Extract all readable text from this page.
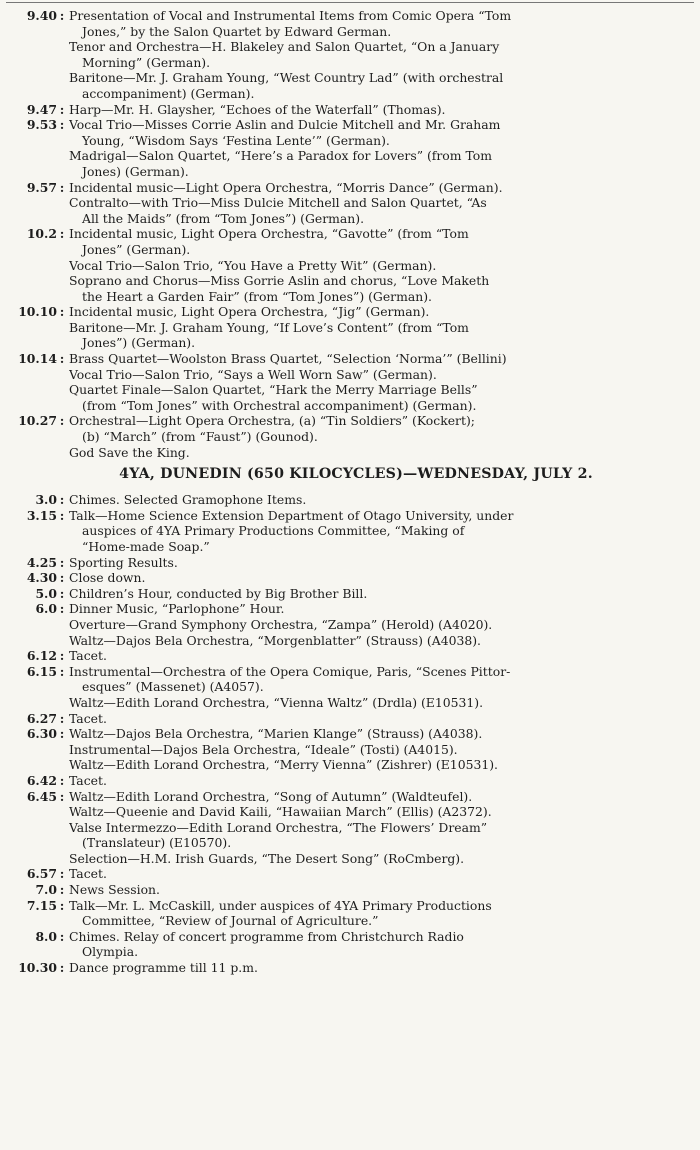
9.40 : Presentation of Vocal and Instrumental Items from Comic Opera “Tom
Jones,” by the Salon Quartet by Edward German.
Tenor and Orchestra—H. Blakeley and Salon Quartet, “On a January
Morning” (German).
Baritone—Mr. J. Graham Young, “West Country Lad” (with orchestral
accompaniment) (German).
9.47 : Harp—Mr. H. Glaysher, “Echoes of the Waterfall” (Thomas).
9.53 : Vocal Trio—Misses Corrie Aslin and Dulcie Mitchell and Mr. Graham
Young, “Wisdom Says ‘Festina Lente’” (German).
Madrigal—Salon Quartet, “Here’s a Paradox for Lovers” (from Tom
Jones) (German).
9.57 : Incidental music—Light Opera Orchestra, “Morris Dance” (German).
Contralto—with Trio—Miss Dulcie Mitchell and Salon Quartet, “As
All the Maids” (from “Tom Jones”) (German).
10.2 : Incidental music, Light Opera Orchestra, “Gavotte” (from “Tom
Jones” (German).
Vocal Trio—Salon Trio, “You Have a Pretty Wit” (German).
Soprano and Chorus—Miss Gorrie Aslin and chorus, “Love Maketh
the Heart a Garden Fair” (from “Tom Jones”) (German).
10.10 : Incidental music, Light Opera Orchestra, “Jig” (German).
Baritone—Mr. J. Graham Young, “If Love’s Content” (from “Tom
Jones”) (German).
10.14 : Brass Quartet—Woolston Brass Quartet, “Selection ‘Norma’” (Bellini)
Vocal Trio—Salon Trio, “Says a Well Worn Saw” (German).
Quartet Finale—Salon Quartet, “Hark the Merry Marriage Bells”
(from “Tom Jones” with Orchestral accompaniment) (German).
10.27 : Orchestral—Light Opera Orchestra, (a) “Tin Soldiers” (Kockert);
(b) “March” (from “Faust”) (Gounod).
God Save the King.
4YA, DUNEDIN (650 KILOCYCLES)—WEDNESDAY, JULY 2.
3.0 : Chimes. Selected Gramophone Items.
3.15 : Talk—Home Science Extension Department of Otago University, under
auspices of 4YA Primary Productions Committee, “Making of
“Home-made Soap.”
4.25 : Sporting Results.
4.30 : Close down.
5.0 : Children’s Hour, conducted by Big Brother Bill.
6.0 : Dinner Music, “Parlophone” Hour.
Overture—Grand Symphony Orchestra, “Zampa” (Herold) (A4020).
Waltz—Dajos Bela Orchestra, “Morgenblatter” (Strauss) (A4038).
6.12 : Tacet.
6.15 : Instrumental—Orchestra of the Opera Comique, Paris, “Scenes Pittor-
esques” (Massenet) (A4057).
Waltz—Edith Lorand Orchestra, “Vienna Waltz” (Drdla) (E10531).
6.27 : Tacet.
6.30 : Waltz—Dajos Bela Orchestra, “Marien Klange” (Strauss) (A4038).
Instrumental—Dajos Bela Orchestra, “Ideale” (Tosti) (A4015).
Waltz—Edith Lorand Orchestra, “Merry Vienna” (Zishrer) (E10531).
6.42 : Tacet.
6.45 : Waltz—Edith Lorand Orchestra, “Song of Autumn” (Waldteufel).
Waltz—Queenie and David Kaili, “Hawaiian March” (Ellis) (A2372).
Valse Intermezzo—Edith Lorand Orchestra, “The Flowers’ Dream”
(Translateur) (E10570).
Selection—H.M. Irish Guards, “The Desert Song” (RoCmberg).
6.57 : Tacet.
7.0 : News Session.
7.15 : Talk—Mr. L. McCaskill, under auspices of 4YA Primary Productions
Committee, “Review of Journal of Agriculture.”
8.0 : Chimes. Relay of concert programme from Christchurch Radio
Olympia.
10.30 : Dance programme till 11 p.m.
